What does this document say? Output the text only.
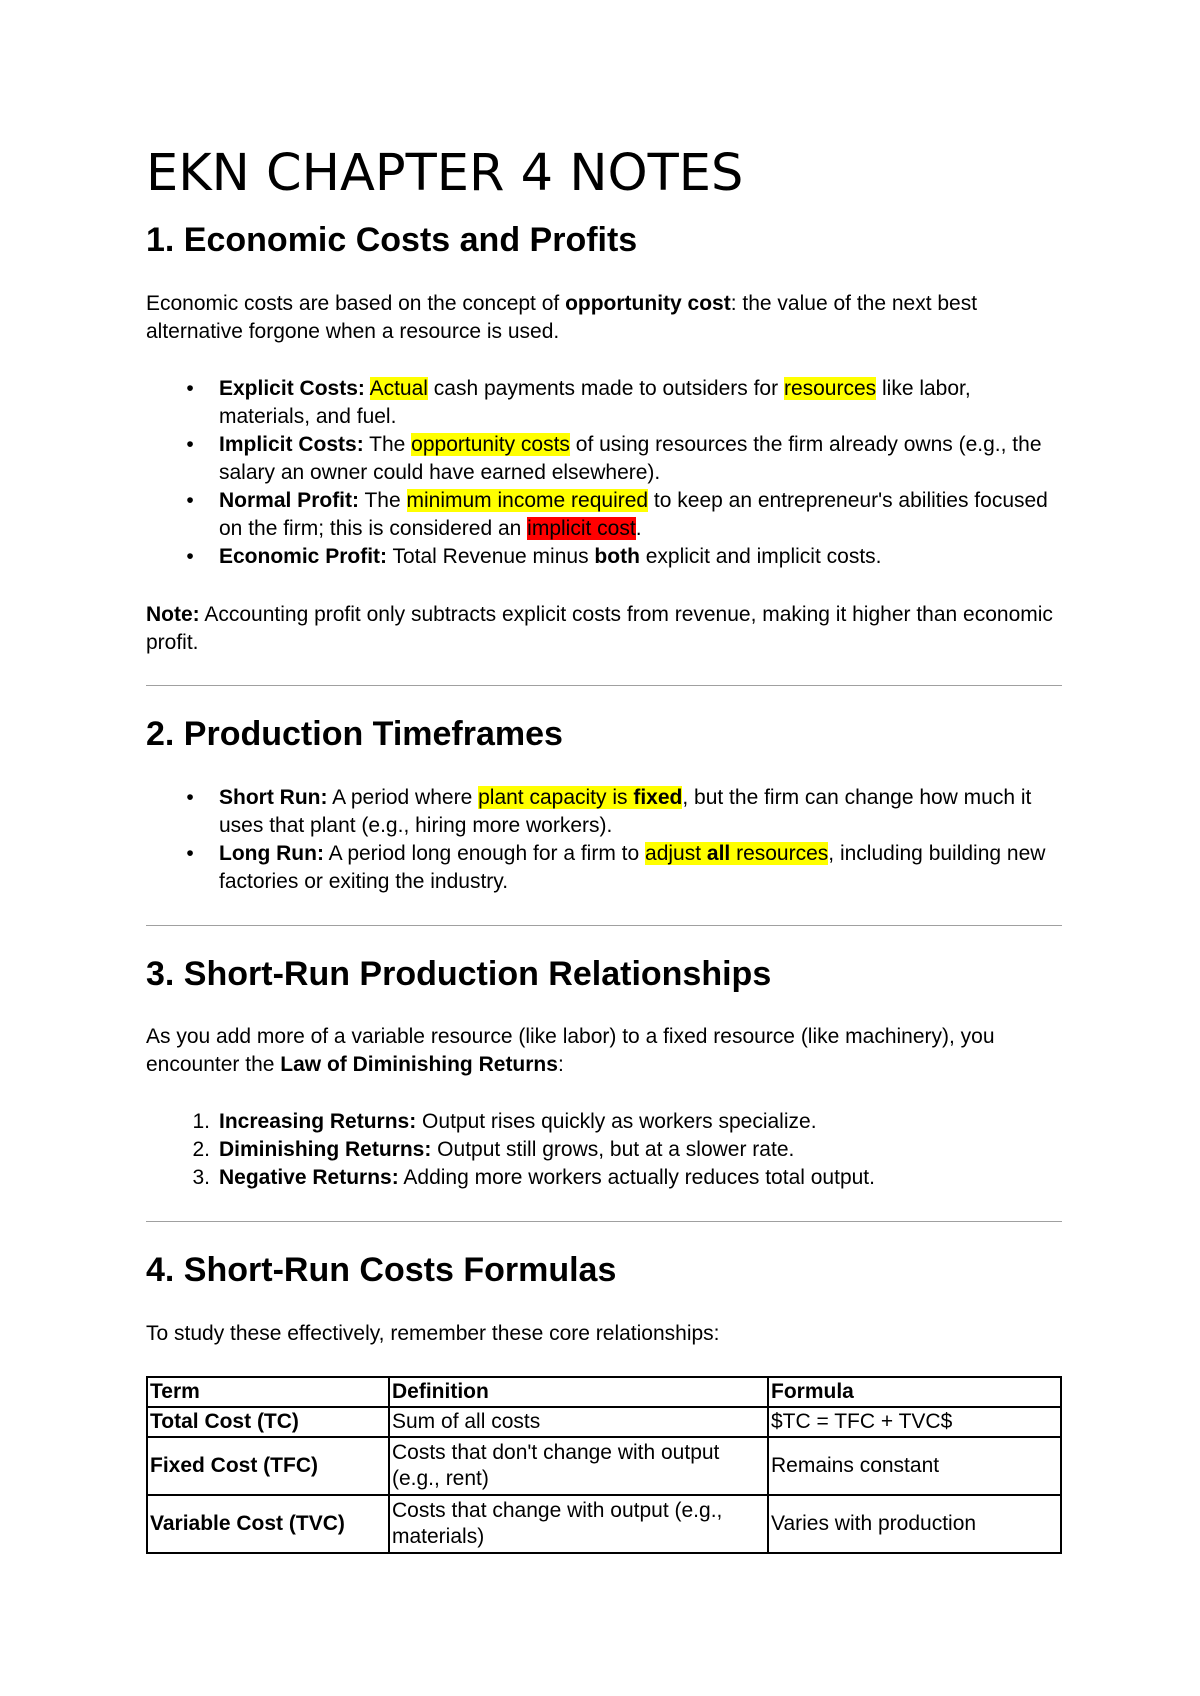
EKN CHAPTER 4 NOTES
1. Economic Costs and Profits

Economic costs are based on the concept of opportunity cost: the value of the next best alternative forgone when a resource is used.

•	Explicit Costs: Actual cash payments made to outsiders for resources like labor, materials, and fuel.
•	Implicit Costs: The opportunity costs of using resources the firm already owns (e.g., the salary an owner could have earned elsewhere).
•	Normal Profit: The minimum income required to keep an entrepreneur's abilities focused on the firm; this is considered an implicit cost.
•	Economic Profit: Total Revenue minus both explicit and implicit costs.

Note: Accounting profit only subtracts explicit costs from revenue, making it higher than economic profit.

2. Production Timeframes
•	Short Run: A period where plant capacity is fixed, but the firm can change how much it uses that plant (e.g., hiring more workers).
•	Long Run: A period long enough for a firm to adjust all resources, including building new factories or exiting the industry.
3. Short-Run Production Relationships

As you add more of a variable resource (like labor) to a fixed resource (like machinery), you encounter the Law of Diminishing Returns:

1. Increasing Returns: Output rises quickly as workers specialize.
2. Diminishing Returns: Output still grows, but at a slower rate.
3. Negative Returns: Adding more workers actually reduces total output.
4. Short-Run Costs Formulas

To study these effectively, remember these core relationships:

Term	Definition	Formula
Total Cost (TC)	Sum of all costs	$TC = TFC + TVC$
Fixed Cost (TFC)	Costs that don't change with output (e.g., rent)	Remains constant
Variable Cost (TVC)	Costs that change with output (e.g., materials)	Varies with production
